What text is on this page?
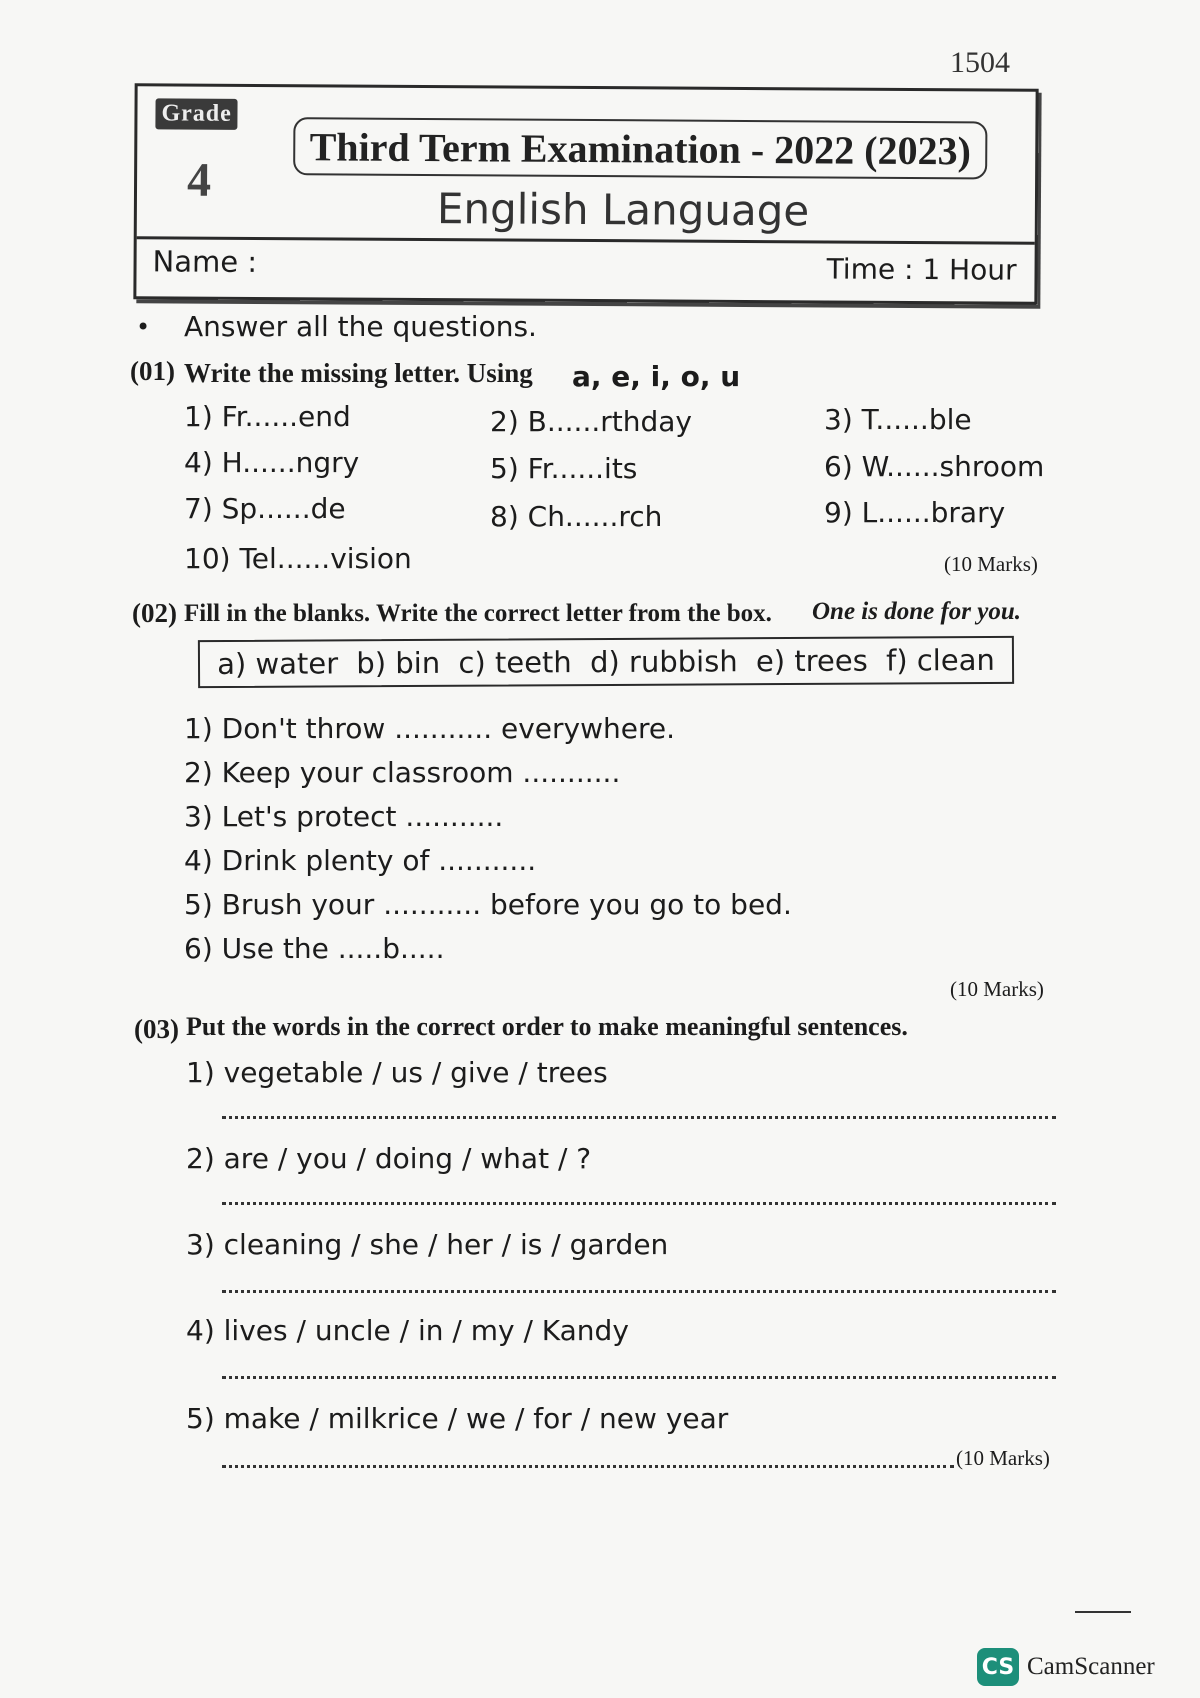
1504
Grade
4
Third Term Examination - 2022 (2023)
English Language
Name :	Time : 1 Hour
• Answer all the questions.
(01) Write the missing letter. Using a, e, i, o, u
1) Fr......end	2) B......rthday	3) T......ble
4) H......ngry	5) Fr......its	6) W......shroom
7) Sp......de	8) Ch......rch	9) L......brary
10) Tel......vision	(10 Marks)
(02) Fill in the blanks. Write the correct letter from the box. One is done for you.
a) water b) bin c) teeth d) rubbish e) trees f) clean
1) Don't throw ........... everywhere.
2) Keep your classroom ...........
3) Let's protect ...........
4) Drink plenty of ...........
5) Brush your ........... before you go to bed.
6) Use the .....b.....
(10 Marks)
(03) Put the words in the correct order to make meaningful sentences.
1) vegetable / us / give / trees
2) are / you / doing / what / ?
3) cleaning / she / her / is / garden
4) lives / uncle / in / my / Kandy
5) make / milkrice / we / for / new year
(10 Marks)
CS CamScanner
